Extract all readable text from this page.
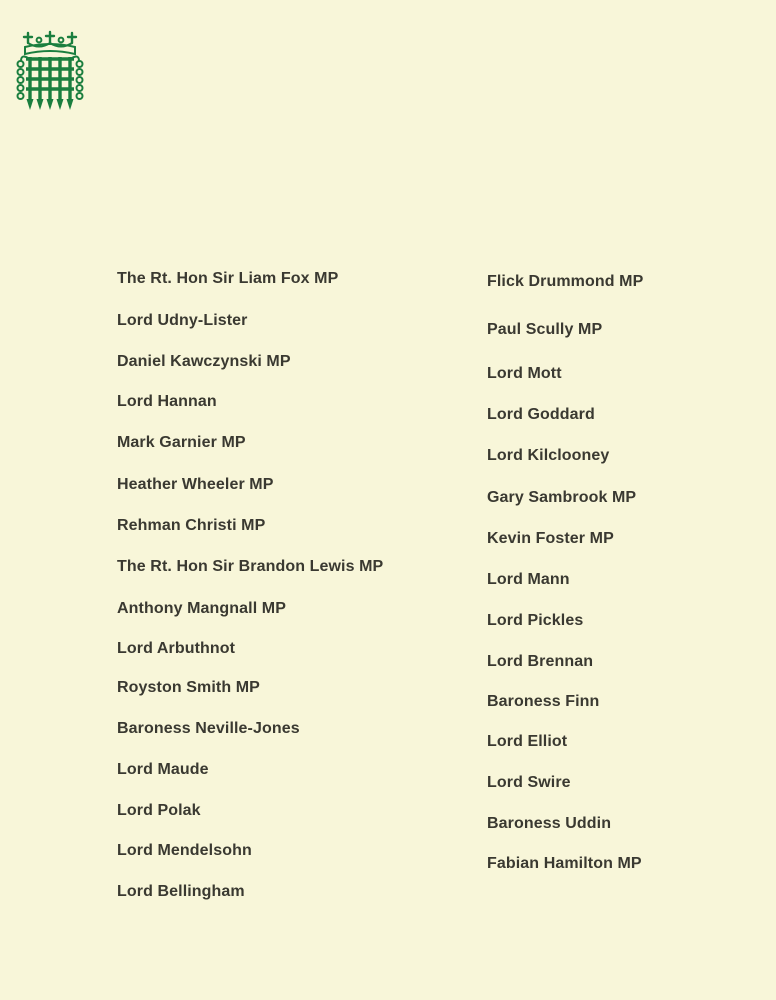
The Rt. Hon Sir Liam Fox MP
Lord Udny-Lister
Daniel Kawczynski MP
Lord Hannan
Mark Garnier MP
Heather Wheeler MP
Rehman Christi MP
The Rt. Hon Sir Brandon Lewis MP
Anthony Mangnall MP
Lord Arbuthnot
Royston Smith MP
Baroness Neville-Jones
Lord Maude
Lord Polak
Lord Mendelsohn
Lord Bellingham
Flick Drummond MP
Paul Scully MP
Lord Mott
Lord Goddard
Lord Kilclooney
Gary Sambrook MP
Kevin Foster MP
Lord Mann
Lord Pickles
Lord Brennan
Baroness Finn
Lord Elliot
Lord Swire
Baroness Uddin
Fabian Hamilton MP
